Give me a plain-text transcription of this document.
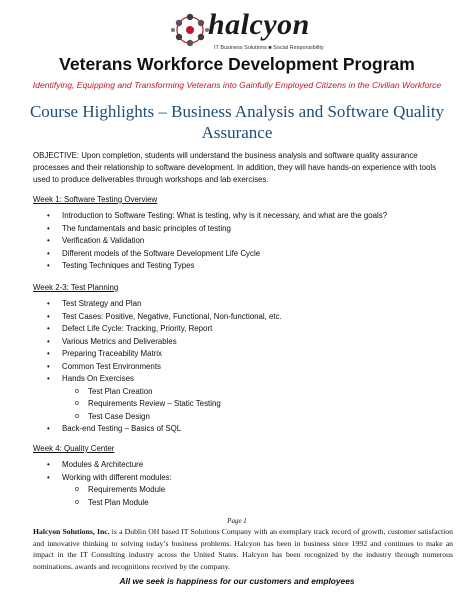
halcyon
IT Business Solutions ■ Social Responsibility
Veterans Workforce Development Program
Identifying, Equipping and Transforming Veterans into Gainfully Employed Citizens in the Civilian Workforce
Course Highlights – Business Analysis and Software Quality Assurance
OBJECTIVE: Upon completion, students will understand the business analysis and software quality assurance processes and their relationship to software development. In addition, they will have hands-on experience with tools used to produce deliverables through workshops and lab exercises.
Week 1: Software Testing Overview
• Introduction to Software Testing: What is testing, why is it necessary, and what are the goals?
• The fundamentals and basic principles of testing
• Verification & Validation
• Different models of the Software Development Life Cycle
• Testing Techniques and Testing Types
Week 2-3: Test Planning
• Test Strategy and Plan
• Test Cases: Positive, Negative, Functional, Non-functional, etc.
• Defect Life Cycle: Tracking, Priority, Report
• Various Metrics and Deliverables
• Preparing Traceability Matrix
• Common Test Environments
• Hands On Exercises
o Test Plan Creation
o Requirements Review – Static Testing
o Test Case Design
• Back-end Testing – Basics of SQL
Week 4: Quality Center
• Modules & Architecture
• Working with different modules:
o Requirements Module
o Test Plan Module
Page 1
Halcyon Solutions, Inc. is a Dublin OH based IT Solutions Company with an exemplary track record of growth, customer satisfaction and innovative thinking to solving today’s business problems. Halcyon has been in business since 1992 and continues to make an impact in the IT Consulting industry across the United States. Halcyon has been recognized by the industry through numerous nominations, awards and recognitions received by the company.
All we seek is happiness for our customers and employees
